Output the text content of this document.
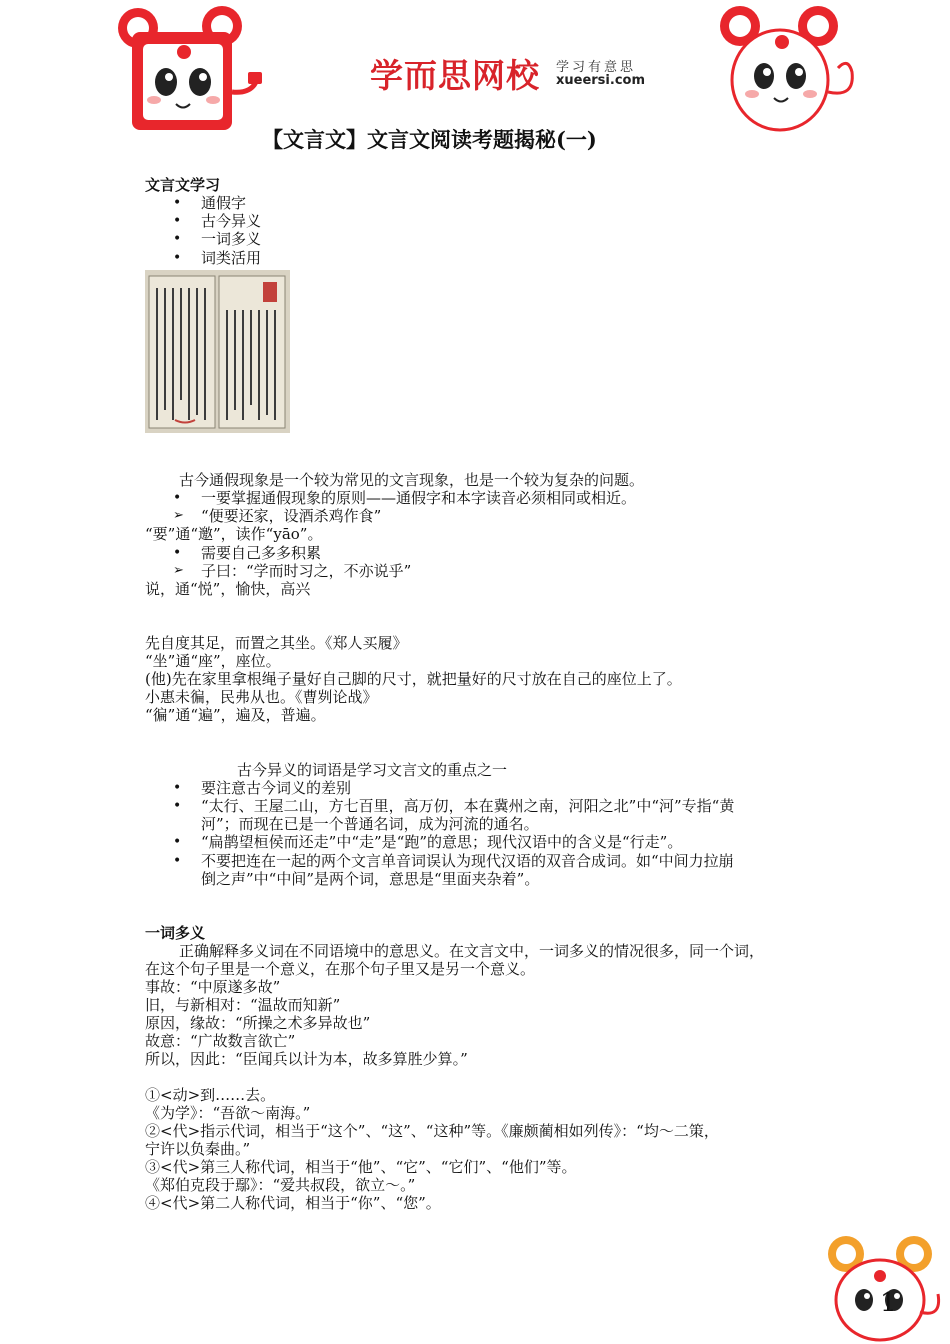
学而思网校 学习有意思
xueersi.com
【文言文】文言文阅读考题揭秘(一)
文言文学习
• 通假字
• 古今异义
• 一词多义
• 词类活用
古今通假现象是一个较为常见的文言现象，也是一个较为复杂的问题。
• 一要掌握通假现象的原则——通假字和本字读音必须相同或相近。
➢ “便要还家，设酒杀鸡作食”
“要”通“邀”，读作“yāo”。
• 需要自己多多积累
➢ 子曰：“学而时习之，不亦说乎”
说，通“悦”，愉快，高兴
先自度其足，而置之其坐。《郑人买履》
“坐”通“座”，座位。
(他)先在家里拿根绳子量好自己脚的尺寸，就把量好的尺寸放在自己的座位上了。
小惠未徧，民弗从也。《曹刿论战》
“徧”通“遍”，遍及，普遍。
古今异义的词语是学习文言文的重点之一
• 要注意古今词义的差别
• “太行、王屋二山，方七百里，高万仞，本在冀州之南，河阳之北”中“河”专指“黄
河”；而现在已是一个普通名词，成为河流的通名。
• “扁鹊望桓侯而还走”中“走”是“跑”的意思；现代汉语中的含义是“行走”。
• 不要把连在一起的两个文言单音词误认为现代汉语的双音合成词。如“中间力拉崩
倒之声”中“中间”是两个词，意思是“里面夹杂着”。
一词多义
正确解释多义词在不同语境中的意思义。在文言文中，一词多义的情况很多，同一个词，
在这个句子里是一个意义，在那个句子里又是另一个意义。
事故：“中原遂多故”
旧，与新相对：“温故而知新”
原因，缘故：“所操之术多异故也”
故意：“广故数言欲亡”
所以，因此：“臣闻兵以计为本，故多算胜少算。”
①<动>到……去。
《为学》：“吾欲～南海。”
②<代>指示代词，相当于“这个”、“这”、“这种”等。《廉颇蔺相如列传》：“均～二策，
宁许以负秦曲。”
③<代>第三人称代词，相当于“他”、“它”、“它们”、“他们”等。
《郑伯克段于鄢》：“爱共叔段，欲立～。”
④<代>第二人称代词，相当于“你”、“您”。
1
